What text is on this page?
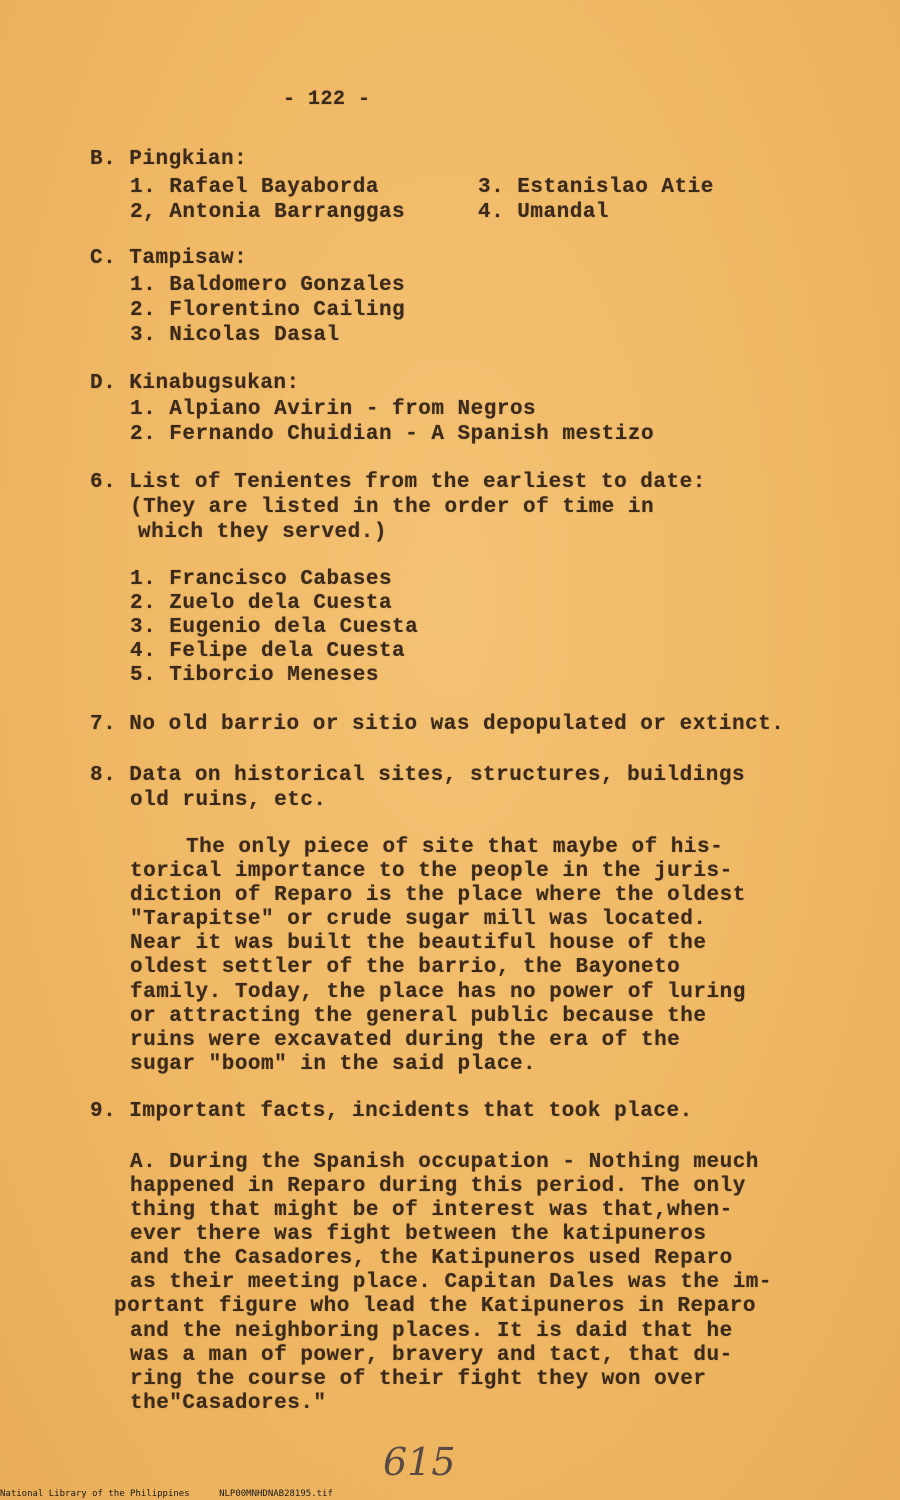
- 122 -
B. Pingkian:
1. Rafael Bayaborda
2, Antonia Barranggas
3. Estanislao Atie
4. Umandal
C. Tampisaw:
1. Baldomero Gonzales
2. Florentino Cailing
3. Nicolas Dasal
D. Kinabugsukan:
1. Alpiano Avirin - from Negros
2. Fernando Chuidian - A Spanish mestizo
6. List of Tenientes from the earliest to date:
(They are listed in the order of time in
which they served.)
1. Francisco Cabases
2. Zuelo dela Cuesta
3. Eugenio dela Cuesta
4. Felipe dela Cuesta
5. Tiborcio Meneses
7. No old barrio or sitio was depopulated or extinct.
8. Data on historical sites, structures, buildings
old ruins, etc.
The only piece of site that maybe of his-
torical importance to the people in the juris-
diction of Reparo is the place where the oldest
"Tarapitse" or crude sugar mill was located.
Near it was built the beautiful house of the
oldest settler of the barrio, the Bayoneto
family. Today, the place has no power of luring
or attracting the general public because the
ruins were excavated during the era of the
sugar "boom" in the said place.
9. Important facts, incidents that took place.
A. During the Spanish occupation - Nothing meuch
happened in Reparo during this period. The only
thing that might be of interest was that,when-
ever there was fight between the katipuneros
and the Casadores, the Katipuneros used Reparo
as their meeting place. Capitan Dales was the im-
portant figure who lead the Katipuneros in Reparo
and the neighboring places. It is daid that he
was a man of power, bravery and tact, that du-
ring the course of their fight they won over
the"Casadores."
615
National Library of the Philippines	NLP00MNHDNAB28195.tif
